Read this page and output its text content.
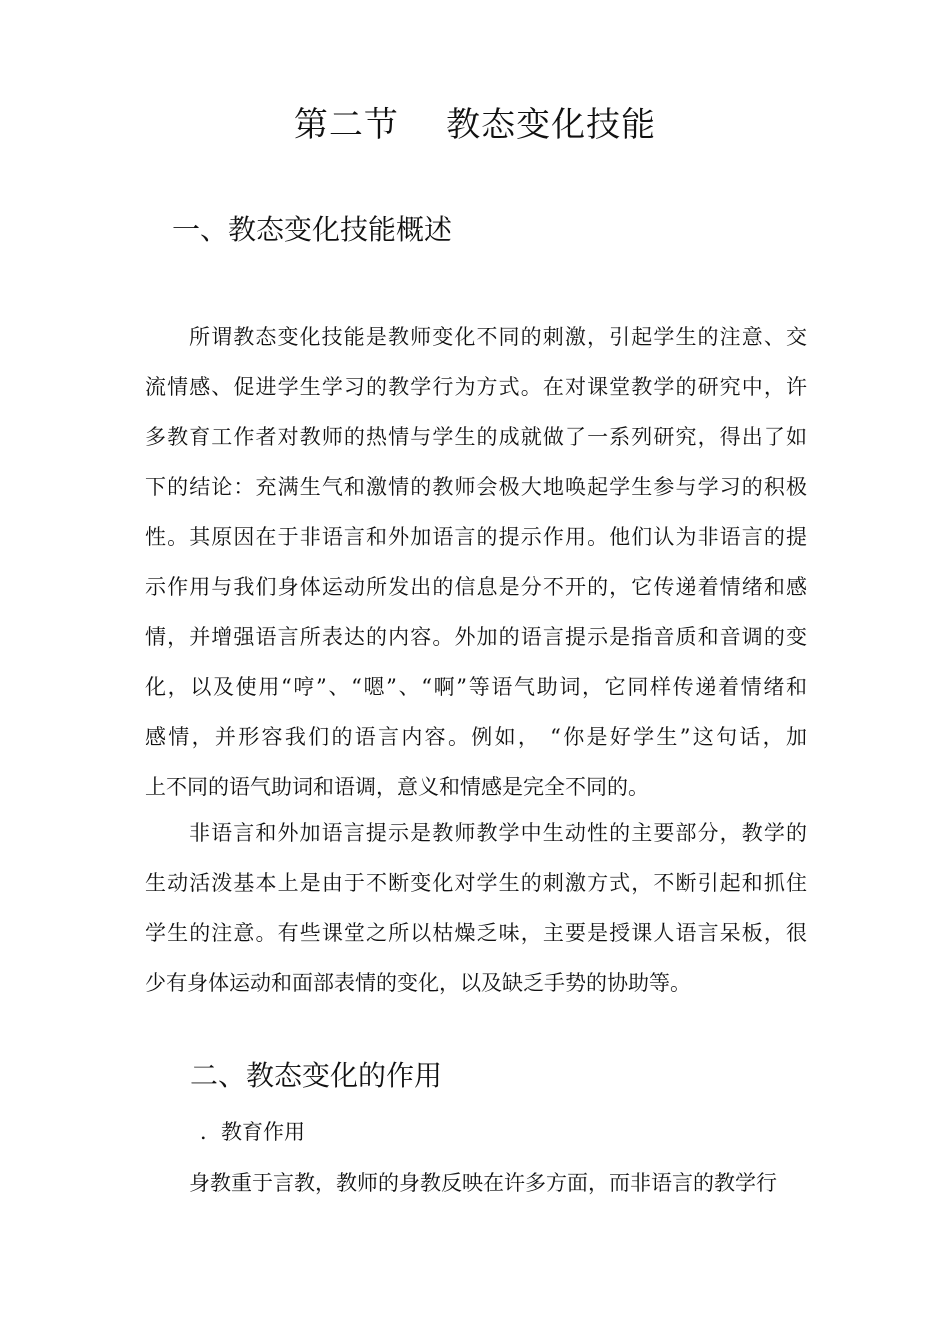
第二节    教态变化技能
一、教态变化技能概述
所谓教态变化技能是教师变化不同的刺激，引起学生的注意、交
流情感、促进学生学习的教学行为方式。在对课堂教学的研究中，许
多教育工作者对教师的热情与学生的成就做了一系列研究，得出了如
下的结论：充满生气和激情的教师会极大地唤起学生参与学习的积极
性。其原因在于非语言和外加语言的提示作用。他们认为非语言的提
示作用与我们身体运动所发出的信息是分不开的，它传递着情绪和感
情，并增强语言所表达的内容。外加的语言提示是指音质和音调的变
化，以及使用“哼”、“嗯”、“啊”等语气助词，它同样传递着情绪和
感情，并形容我们的语言内容。例如， “你是好学生”这句话，加
上不同的语气助词和语调，意义和情感是完全不同的。
非语言和外加语言提示是教师教学中生动性的主要部分，教学的
生动活泼基本上是由于不断变化对学生的刺激方式，不断引起和抓住
学生的注意。有些课堂之所以枯燥乏味，主要是授课人语言呆板，很
少有身体运动和面部表情的变化，以及缺乏手势的协助等。
二、教态变化的作用
．教育作用
身教重于言教，教师的身教反映在许多方面，而非语言的教学行
